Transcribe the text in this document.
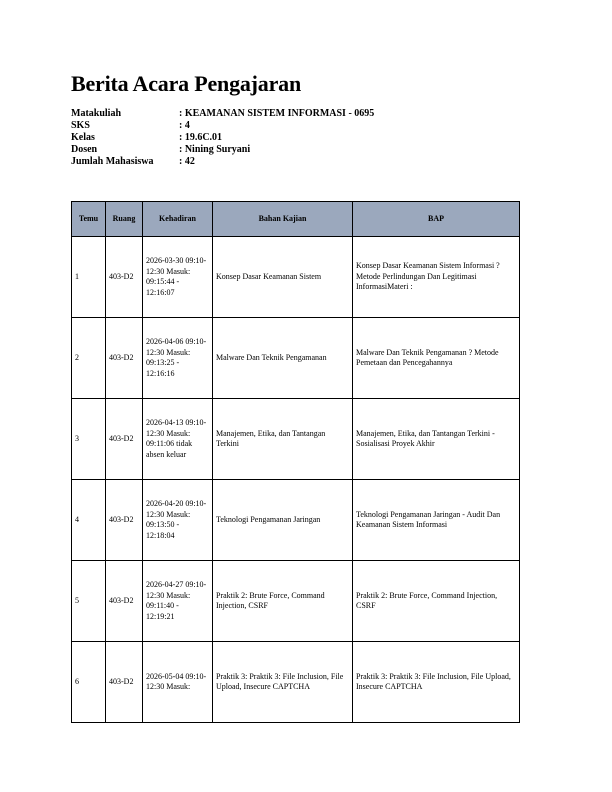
Berita Acara Pengajaran
Matakuliah	: KEAMANAN SISTEM INFORMASI - 0695
SKS	: 4
Kelas	: 19.6C.01
Dosen	: Nining Suryani
Jumlah Mahasiswa	: 42
Temu	Ruang	Kehadiran	Bahan Kajian	BAP
1	403-D2	2026-03-30 09:10-12:30 Masuk: 09:15:44 - 12:16:07	Konsep Dasar Keamanan Sistem	Konsep Dasar Keamanan Sistem Informasi ? Metode Perlindungan Dan Legitimasi InformasiMateri :
2	403-D2	2026-04-06 09:10-12:30 Masuk: 09:13:25 - 12:16:16	Malware Dan Teknik Pengamanan	Malware Dan Teknik Pengamanan ? Metode Pemetaan dan Pencegahannya
3	403-D2	2026-04-13 09:10-12:30 Masuk: 09:11:06 tidak absen keluar	Manajemen, Etika, dan Tantangan Terkini	Manajemen, Etika, dan Tantangan Terkini - Sosialisasi Proyek Akhir
4	403-D2	2026-04-20 09:10-12:30 Masuk: 09:13:50 - 12:18:04	Teknologi Pengamanan Jaringan	Teknologi Pengamanan Jaringan - Audit Dan Keamanan Sistem Informasi
5	403-D2	2026-04-27 09:10-12:30 Masuk: 09:11:40 - 12:19:21	Praktik 2: Brute Force, Command Injection, CSRF	Praktik 2: Brute Force, Command Injection, CSRF
6	403-D2	2026-05-04 09:10-12:30 Masuk:	Praktik 3: Praktik 3: File Inclusion, File Upload, Insecure CAPTCHA	Praktik 3: Praktik 3: File Inclusion, File Upload, Insecure CAPTCHA
